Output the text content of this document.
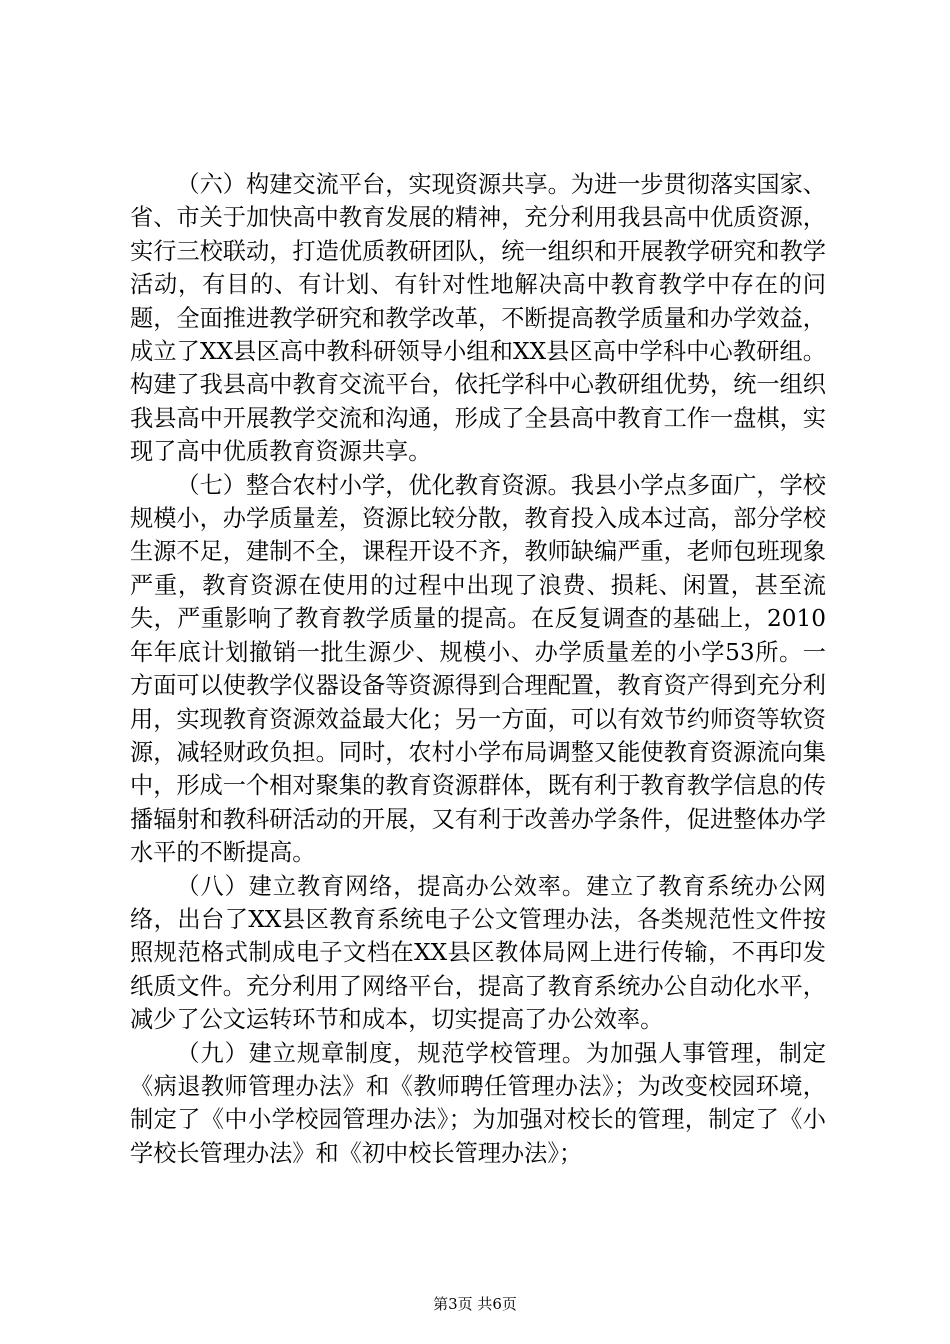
（六）构建交流平台，实现资源共享。为进一步贯彻落实国家、省、市关于加快高中教育发展的精神，充分利用我县高中优质资源，实行三校联动，打造优质教研团队，统一组织和开展教学研究和教学活动，有目的、有计划、有针对性地解决高中教育教学中存在的问题，全面推进教学研究和教学改革，不断提高教学质量和办学效益，成立了XX县区高中教科研领导小组和XX县区高中学科中心教研组。构建了我县高中教育交流平台，依托学科中心教研组优势，统一组织我县高中开展教学交流和沟通，形成了全县高中教育工作一盘棋，实现了高中优质教育资源共享。

（七）整合农村小学，优化教育资源。我县小学点多面广，学校规模小，办学质量差，资源比较分散，教育投入成本过高，部分学校生源不足，建制不全，课程开设不齐，教师缺编严重，老师包班现象严重，教育资源在使用的过程中出现了浪费、损耗、闲置，甚至流失，严重影响了教育教学质量的提高。在反复调查的基础上，2010年年底计划撤销一批生源少、规模小、办学质量差的小学53所。一方面可以使教学仪器设备等资源得到合理配置，教育资产得到充分利用，实现教育资源效益最大化；另一方面，可以有效节约师资等软资源，减轻财政负担。同时，农村小学布局调整又能使教育资源流向集中，形成一个相对聚集的教育资源群体，既有利于教育教学信息的传播辐射和教科研活动的开展，又有利于改善办学条件，促进整体办学水平的不断提高。

（八）建立教育网络，提高办公效率。建立了教育系统办公网络，出台了XX县区教育系统电子公文管理办法，各类规范性文件按照规范格式制成电子文档在XX县区教体局网上进行传输，不再印发纸质文件。充分利用了网络平台，提高了教育系统办公自动化水平，减少了公文运转环节和成本，切实提高了办公效率。

（九）建立规章制度，规范学校管理。为加强人事管理，制定《病退教师管理办法》和《教师聘任管理办法》；为改变校园环境，制定了《中小学校园管理办法》；为加强对校长的管理，制定了《小学校长管理办法》和《初中校长管理办法》；

第3页 共6页
